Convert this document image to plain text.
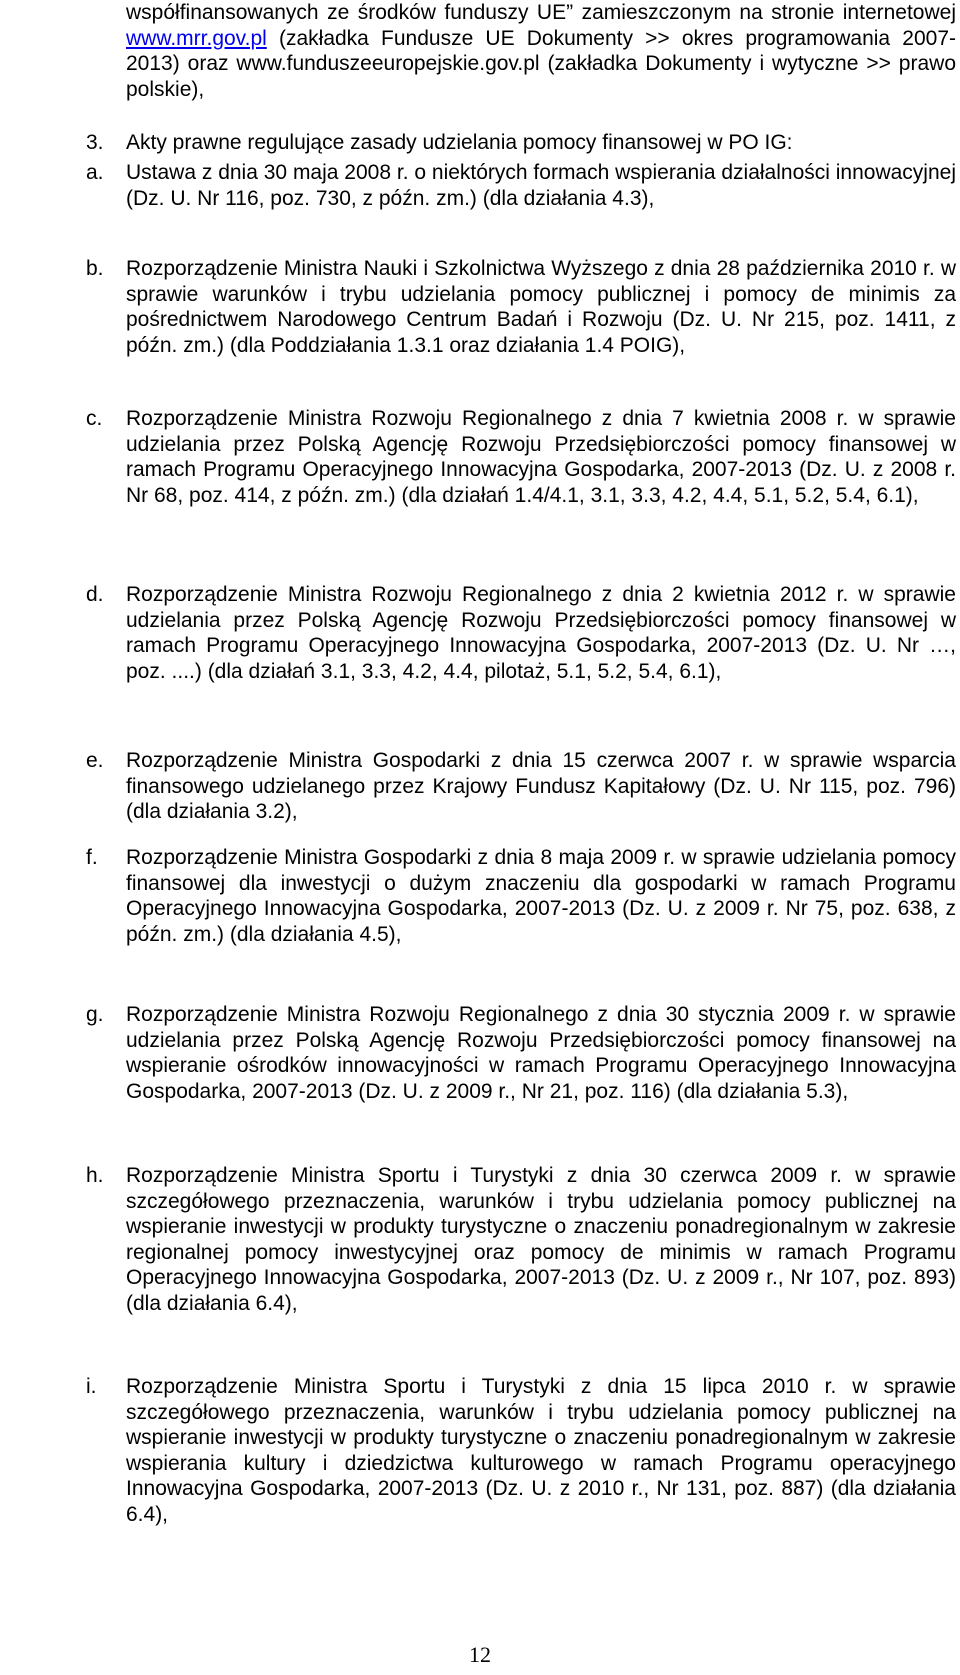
współfinansowanych ze środków funduszy UE” zamieszczonym na stronie internetowej www.mrr.gov.pl (zakładka Fundusze UE Dokumenty >> okres programowania 2007-2013) oraz www.funduszeeuropejskie.gov.pl (zakładka Dokumenty i wytyczne >> prawo polskie),

3. Akty prawne regulujące zasady udzielania pomocy finansowej w PO IG:

a.	Ustawa z dnia 30 maja 2008 r. o niektórych formach wspierania działalności innowacyjnej (Dz. U. Nr 116, poz. 730, z późn. zm.) (dla działania 4.3),
b.	Rozporządzenie Ministra Nauki i Szkolnictwa Wyższego z dnia 28 października 2010 r. w sprawie warunków i trybu udzielania pomocy publicznej i pomocy de minimis za pośrednictwem Narodowego Centrum Badań i Rozwoju (Dz. U. Nr 215, poz. 1411, z późn. zm.) (dla Poddziałania 1.3.1 oraz działania 1.4 POIG),
c.	Rozporządzenie Ministra Rozwoju Regionalnego z dnia 7 kwietnia 2008 r. w sprawie udzielania przez Polską Agencję Rozwoju Przedsiębiorczości pomocy finansowej w ramach Programu Operacyjnego Innowacyjna Gospodarka, 2007-2013 (Dz. U. z 2008 r. Nr 68, poz. 414, z późn. zm.) (dla działań 1.4/4.1, 3.1, 3.3, 4.2, 4.4, 5.1, 5.2, 5.4, 6.1),
d.	Rozporządzenie Ministra Rozwoju Regionalnego z dnia 2 kwietnia 2012 r. w sprawie udzielania przez Polską Agencję Rozwoju Przedsiębiorczości pomocy finansowej w ramach Programu Operacyjnego Innowacyjna Gospodarka, 2007-2013 (Dz. U. Nr …, poz. ....) (dla działań 3.1, 3.3, 4.2, 4.4, pilotaż, 5.1, 5.2, 5.4, 6.1),
e.	Rozporządzenie Ministra Gospodarki z dnia 15 czerwca 2007 r. w sprawie wsparcia finansowego udzielanego przez Krajowy Fundusz Kapitałowy (Dz. U. Nr 115, poz. 796) (dla działania 3.2),
f.	Rozporządzenie Ministra Gospodarki z dnia 8 maja 2009 r. w sprawie udzielania pomocy finansowej dla inwestycji o dużym znaczeniu dla gospodarki w ramach Programu Operacyjnego Innowacyjna Gospodarka, 2007-2013 (Dz. U. z 2009 r. Nr 75, poz. 638, z późn. zm.) (dla działania 4.5),
g.	Rozporządzenie Ministra Rozwoju Regionalnego z dnia 30 stycznia 2009 r. w sprawie udzielania przez Polską Agencję Rozwoju Przedsiębiorczości pomocy finansowej na wspieranie ośrodków innowacyjności w ramach Programu Operacyjnego Innowacyjna Gospodarka, 2007-2013 (Dz. U. z 2009 r., Nr 21, poz. 116) (dla działania 5.3),
h.	Rozporządzenie Ministra Sportu i Turystyki z dnia 30 czerwca 2009 r. w sprawie szczegółowego przeznaczenia, warunków i trybu udzielania pomocy publicznej na wspieranie inwestycji w produkty turystyczne o znaczeniu ponadregionalnym w zakresie regionalnej pomocy inwestycyjnej oraz pomocy de minimis w ramach Programu Operacyjnego Innowacyjna Gospodarka, 2007-2013 (Dz. U. z 2009 r., Nr 107, poz. 893) (dla działania 6.4),
i.	Rozporządzenie Ministra Sportu i Turystyki z dnia 15 lipca 2010 r. w sprawie szczegółowego przeznaczenia, warunków i trybu udzielania pomocy publicznej na wspieranie inwestycji w produkty turystyczne o znaczeniu ponadregionalnym w zakresie wspierania kultury i dziedzictwa kulturowego w ramach Programu operacyjnego Innowacyjna Gospodarka, 2007-2013 (Dz. U. z 2010 r., Nr 131, poz. 887) (dla działania 6.4),
12
